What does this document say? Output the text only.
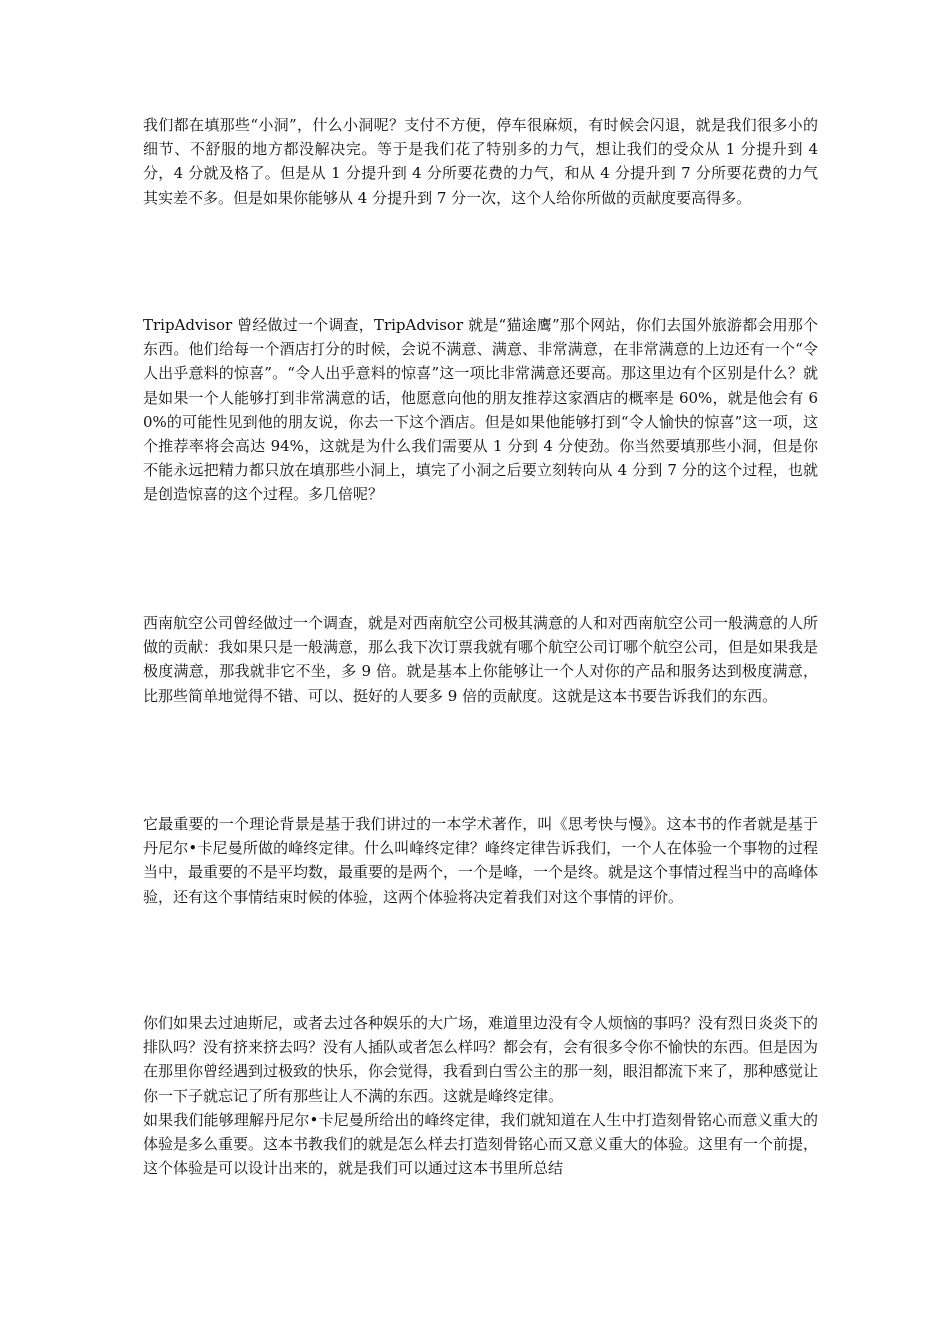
我们都在填那些“小洞”，什么小洞呢？支付不方便，停车很麻烦，有时候会闪退，就是我们很多小的细节、不舒服的地方都没解决完。等于是我们花了特别多的力气，想让我们的受众从 1 分提升到 4 分，4 分就及格了。但是从 1 分提升到 4 分所要花费的力气，和从 4 分提升到 7 分所要花费的力气其实差不多。但是如果你能够从 4 分提升到 7 分一次，这个人给你所做的贡献度要高得多。

TripAdvisor 曾经做过一个调查，TripAdvisor 就是“猫途鹰”那个网站，你们去国外旅游都会用那个东西。他们给每一个酒店打分的时候，会说不满意、满意、非常满意，在非常满意的上边还有一个“令人出乎意料的惊喜”。“令人出乎意料的惊喜”这一项比非常满意还要高。那这里边有个区别是什么？就是如果一个人能够打到非常满意的话，他愿意向他的朋友推荐这家酒店的概率是 60%，就是他会有 60%的可能性见到他的朋友说，你去一下这个酒店。但是如果他能够打到“令人愉快的惊喜”这一项，这个推荐率将会高达 94%，这就是为什么我们需要从 1 分到 4 分使劲。你当然要填那些小洞，但是你不能永远把精力都只放在填那些小洞上，填完了小洞之后要立刻转向从 4 分到 7 分的这个过程，也就是创造惊喜的这个过程。多几倍呢？

西南航空公司曾经做过一个调查，就是对西南航空公司极其满意的人和对西南航空公司一般满意的人所做的贡献：我如果只是一般满意，那么我下次订票我就有哪个航空公司订哪个航空公司，但是如果我是极度满意，那我就非它不坐，多 9 倍。就是基本上你能够让一个人对你的产品和服务达到极度满意，比那些简单地觉得不错、可以、挺好的人要多 9 倍的贡献度。这就是这本书要告诉我们的东西。

它最重要的一个理论背景是基于我们讲过的一本学术著作，叫《思考快与慢》。这本书的作者就是基于丹尼尔•卡尼曼所做的峰终定律。什么叫峰终定律？峰终定律告诉我们，一个人在体验一个事物的过程当中，最重要的不是平均数，最重要的是两个，一个是峰，一个是终。就是这个事情过程当中的高峰体验，还有这个事情结束时候的体验，这两个体验将决定着我们对这个事情的评价。

你们如果去过迪斯尼，或者去过各种娱乐的大广场，难道里边没有令人烦恼的事吗？没有烈日炎炎下的排队吗？没有挤来挤去吗？没有人插队或者怎么样吗？都会有，会有很多令你不愉快的东西。但是因为在那里你曾经遇到过极致的快乐，你会觉得，我看到白雪公主的那一刻，眼泪都流下来了，那种感觉让你一下子就忘记了所有那些让人不满的东西。这就是峰终定律。
如果我们能够理解丹尼尔•卡尼曼所给出的峰终定律，我们就知道在人生中打造刻骨铭心而意义重大的体验是多么重要。这本书教我们的就是怎么样去打造刻骨铭心而又意义重大的体验。这里有一个前提，这个体验是可以设计出来的，就是我们可以通过这本书里所总结
